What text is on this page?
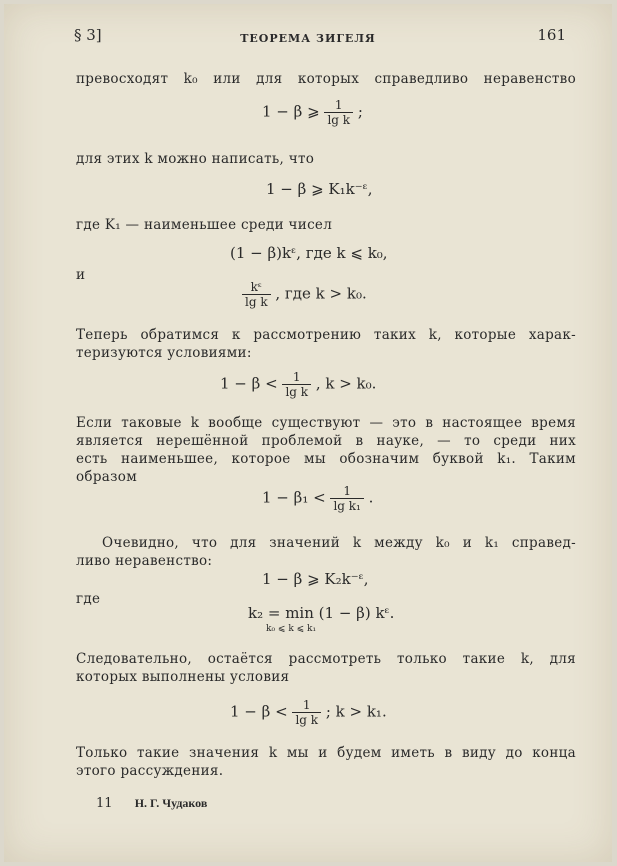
§ 3]	ТЕОРЕМА ЗИГЕЛЯ	161
превосходят k₀ или для которых справедливо неравенство
1 − β ⩾ $\frac{1}{\text{lg k}}$ ;
для этих k можно написать, что
1 − β ⩾ K₁k⁻ᵋ,
где K₁ — наименьшее среди чисел
(1 − β)kᵋ, где k ⩽ k₀,
и
$\frac{\text{kᵋ}}{\text{lg k}}$ , где k > k₀.
Теперь обратимся к рассмотрению таких k, которые харак-
теризуются условиями:
$1 - \beta < \frac{1}{\text{lg k}}$ , k > k₀.
Если таковые k вообще существуют — это в настоящее время
является нерешённой проблемой в науке, — то среди них
есть наименьшее, которое мы обозначим буквой k₁. Таким
образом
$1 - \beta_1 < \frac{1}{\text{lg k₁}}$ .
Очевидно, что для значений k между k₀ и k₁ справед-
ливо неравенство:
1 − β ⩾ K₂k⁻ᵋ,
где
k₂ = min (1 − β) kᵋ.
k₀ ⩽ k ⩽ k₁
Следовательно, остаётся рассмотреть только такие k, для
которых выполнены условия
$1 - \beta < \frac{1}{\text{lg k}}$ ; k > k₁.
Только такие значения k мы и будем иметь в виду до конца
этого рассуждения.
11 Н. Г. Чудаков
